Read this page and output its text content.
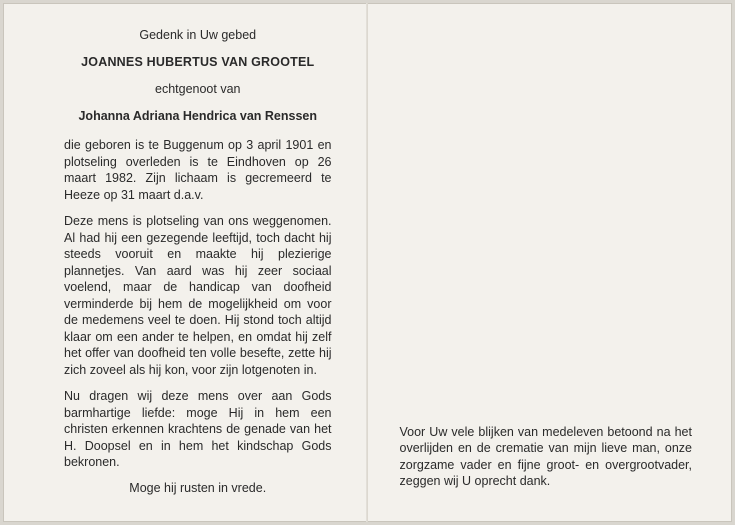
Gedenk in Uw gebed
JOANNES HUBERTUS VAN GROOTEL
echtgenoot van
Johanna Adriana Hendrica van Renssen

die geboren is te Buggenum op 3 april 1901 en plotseling overleden is te Eindhoven op 26 maart 1982. Zijn lichaam is gecremeerd te Heeze op 31 maart d.a.v.

Deze mens is plotseling van ons weggenomen. Al had hij een gezegende leeftijd, toch dacht hij steeds vooruit en maakte hij plezierige plannetjes. Van aard was hij zeer sociaal voelend, maar de handicap van doofheid verminderde bij hem de mogelijkheid om voor de medemens veel te doen. Hij stond toch altijd klaar om een ander te helpen, en omdat hij zelf het offer van doofheid ten volle besefte, zette hij zich zoveel als hij kon, voor zijn lotgenoten in.

Nu dragen wij deze mens over aan Gods barmhartige liefde: moge Hij in hem een christen erkennen krachtens de genade van het H. Doopsel en in hem het kindschap Gods bekronen.

Moge hij rusten in vrede.

Voor Uw vele blijken van medeleven betoond na het overlijden en de crematie van mijn lieve man, onze zorgzame vader en fijne groot- en overgrootvader, zeggen wij U oprecht dank.
